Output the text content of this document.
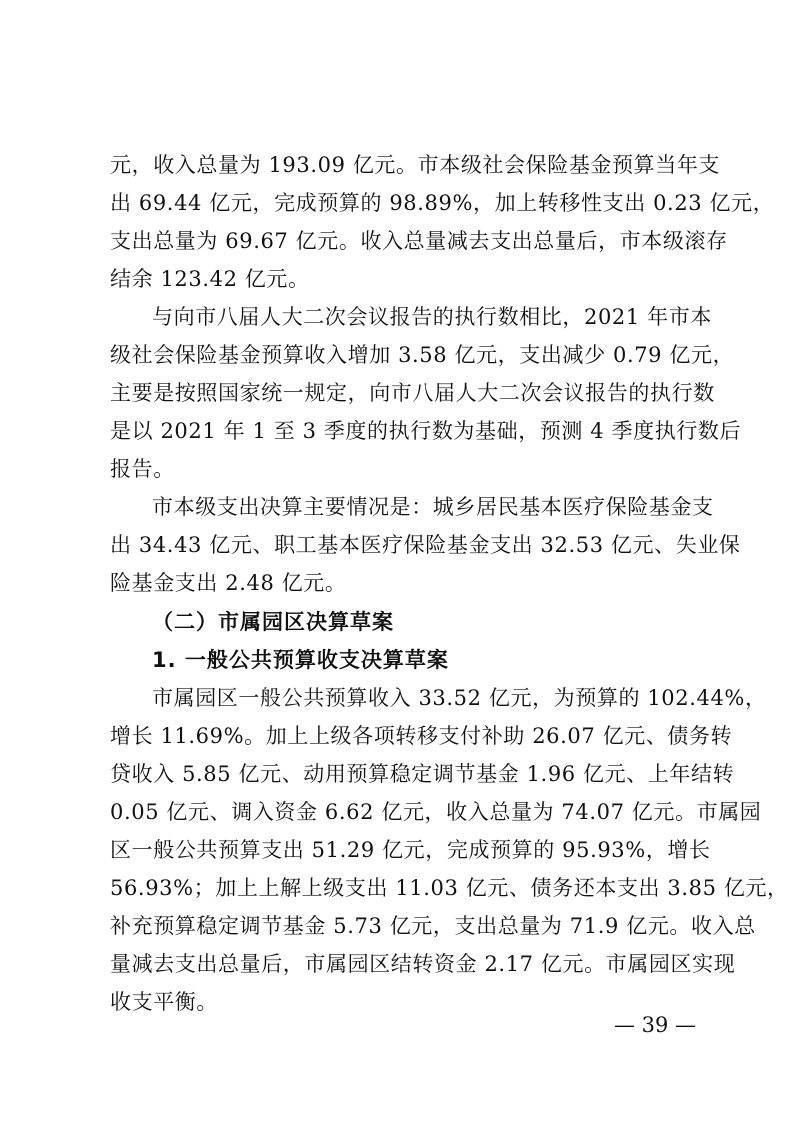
元，收入总量为 193.09 亿元。市本级社会保险基金预算当年支
出 69.44 亿元，完成预算的 98.89%，加上转移性支出 0.23 亿元，
支出总量为 69.67 亿元。收入总量减去支出总量后，市本级滚存
结余 123.42 亿元。
与向市八届人大二次会议报告的执行数相比，2021 年市本
级社会保险基金预算收入增加 3.58 亿元，支出减少 0.79 亿元，
主要是按照国家统一规定，向市八届人大二次会议报告的执行数
是以 2021 年 1 至 3 季度的执行数为基础，预测 4 季度执行数后
报告。
市本级支出决算主要情况是：城乡居民基本医疗保险基金支
出 34.43 亿元、职工基本医疗保险基金支出 32.53 亿元、失业保
险基金支出 2.48 亿元。
（二）市属园区决算草案
1. 一般公共预算收支决算草案
市属园区一般公共预算收入 33.52 亿元，为预算的 102.44%，
增长 11.69%。加上上级各项转移支付补助 26.07 亿元、债务转
贷收入 5.85 亿元、动用预算稳定调节基金 1.96 亿元、上年结转
0.05 亿元、调入资金 6.62 亿元，收入总量为 74.07 亿元。市属园
区一般公共预算支出 51.29 亿元，完成预算的 95.93%，增长
56.93%；加上上解上级支出 11.03 亿元、债务还本支出 3.85 亿元，
补充预算稳定调节基金 5.73 亿元，支出总量为 71.9 亿元。收入总
量减去支出总量后，市属园区结转资金 2.17 亿元。市属园区实现
收支平衡。
— 39 —
